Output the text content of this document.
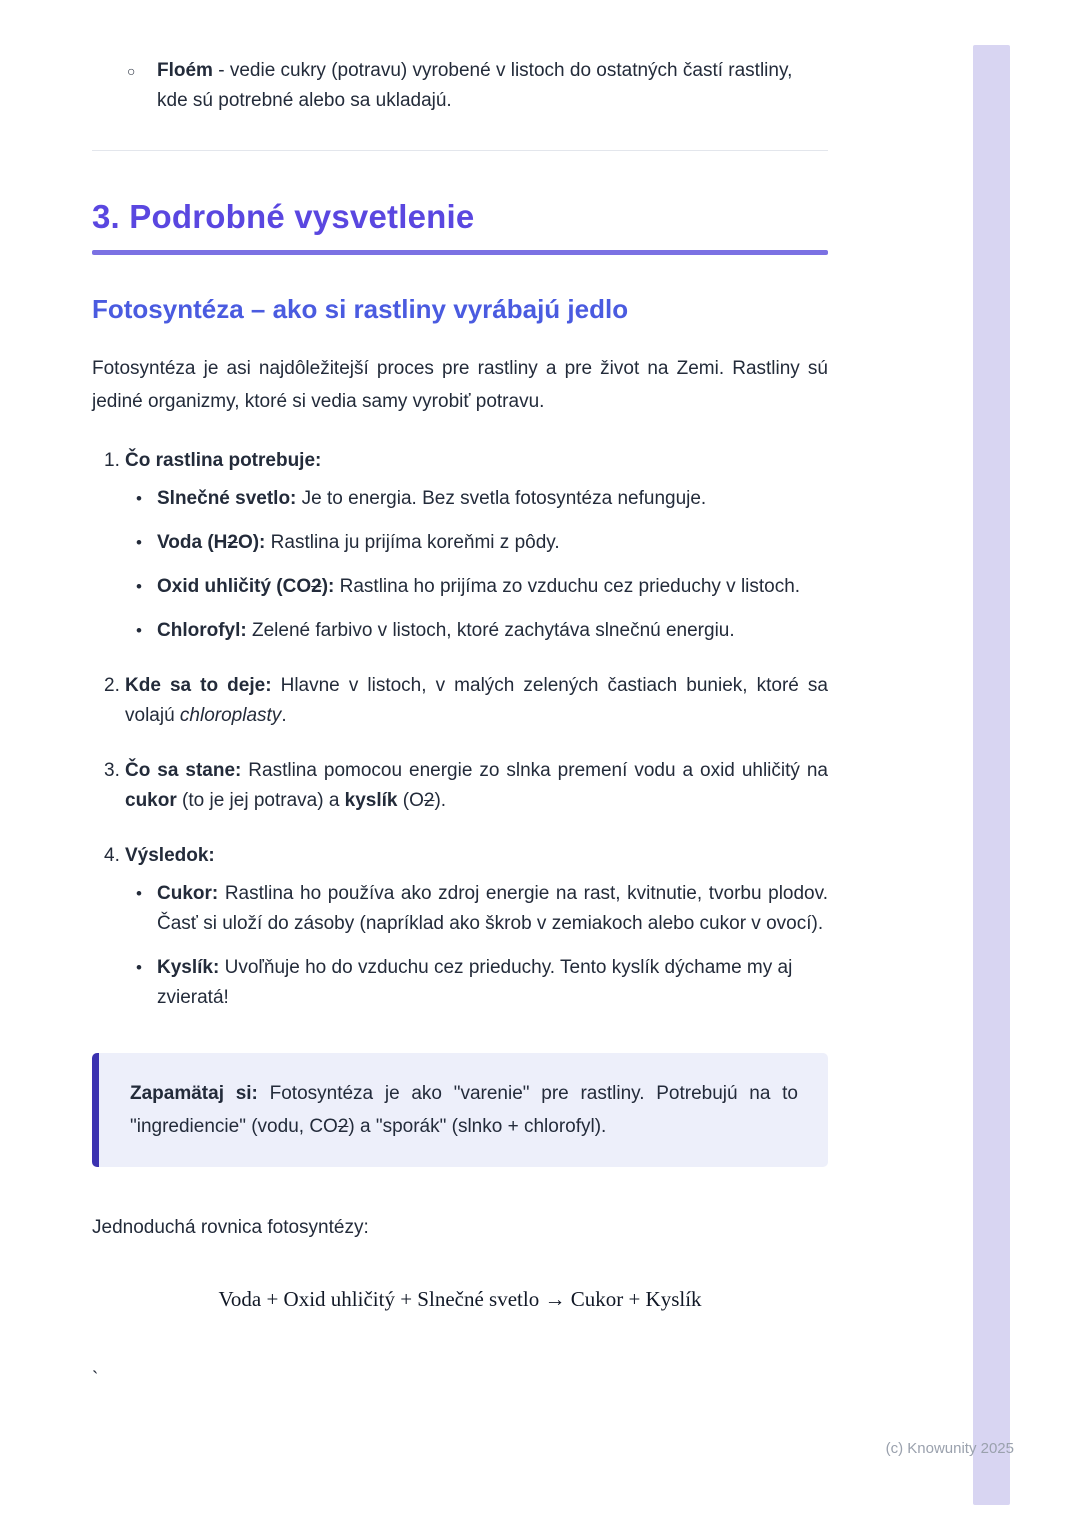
(c) Knowunity 2025
○	Floém - vedie cukry (potravu) vyrobené v listoch do ostatných častí rastliny, kde sú potrebné alebo sa ukladajú.
3. Podrobné vysvetlenie
Fotosyntéza – ako si rastliny vyrábajú jedlo

Fotosyntéza je asi najdôležitejší proces pre rastliny a pre život na Zemi. Rastliny sú jediné organizmy, ktoré si vedia samy vyrobiť potravu.

1. Čo rastlina potrebuje:
• Slnečné svetlo: Je to energia. Bez svetla fotosyntéza nefunguje.
• Voda (H2O): Rastlina ju prijíma koreňmi z pôdy.
• Oxid uhličitý (CO2): Rastlina ho prijíma zo vzduchu cez prieduchy v listoch.
• Chlorofyl: Zelené farbivo v listoch, ktoré zachytáva slnečnú energiu.
2. Kde sa to deje: Hlavne v listoch, v malých zelených častiach buniek, ktoré sa volajú chloroplasty.
3. Čo sa stane: Rastlina pomocou energie zo slnka premení vodu a oxid uhličitý na cukor (to je jej potrava) a kyslík (O2).
4. Výsledok:
• Cukor: Rastlina ho používa ako zdroj energie na rast, kvitnutie, tvorbu plodov. Časť si uloží do zásoby (napríklad ako škrob v zemiakoch alebo cukor v ovocí).
• Kyslík: Uvoľňuje ho do vzduchu cez prieduchy. Tento kyslík dýchame my aj zvieratá!
Zapamätaj si: Fotosyntéza je ako "varenie" pre rastliny. Potrebujú na to "ingrediencie" (vodu, CO2) a "sporák" (slnko + chlorofyl).

Jednoduchá rovnica fotosyntézy:

Voda + Oxid uhličitý + Slnečné svetlo → Cukor + Kyslík
`
